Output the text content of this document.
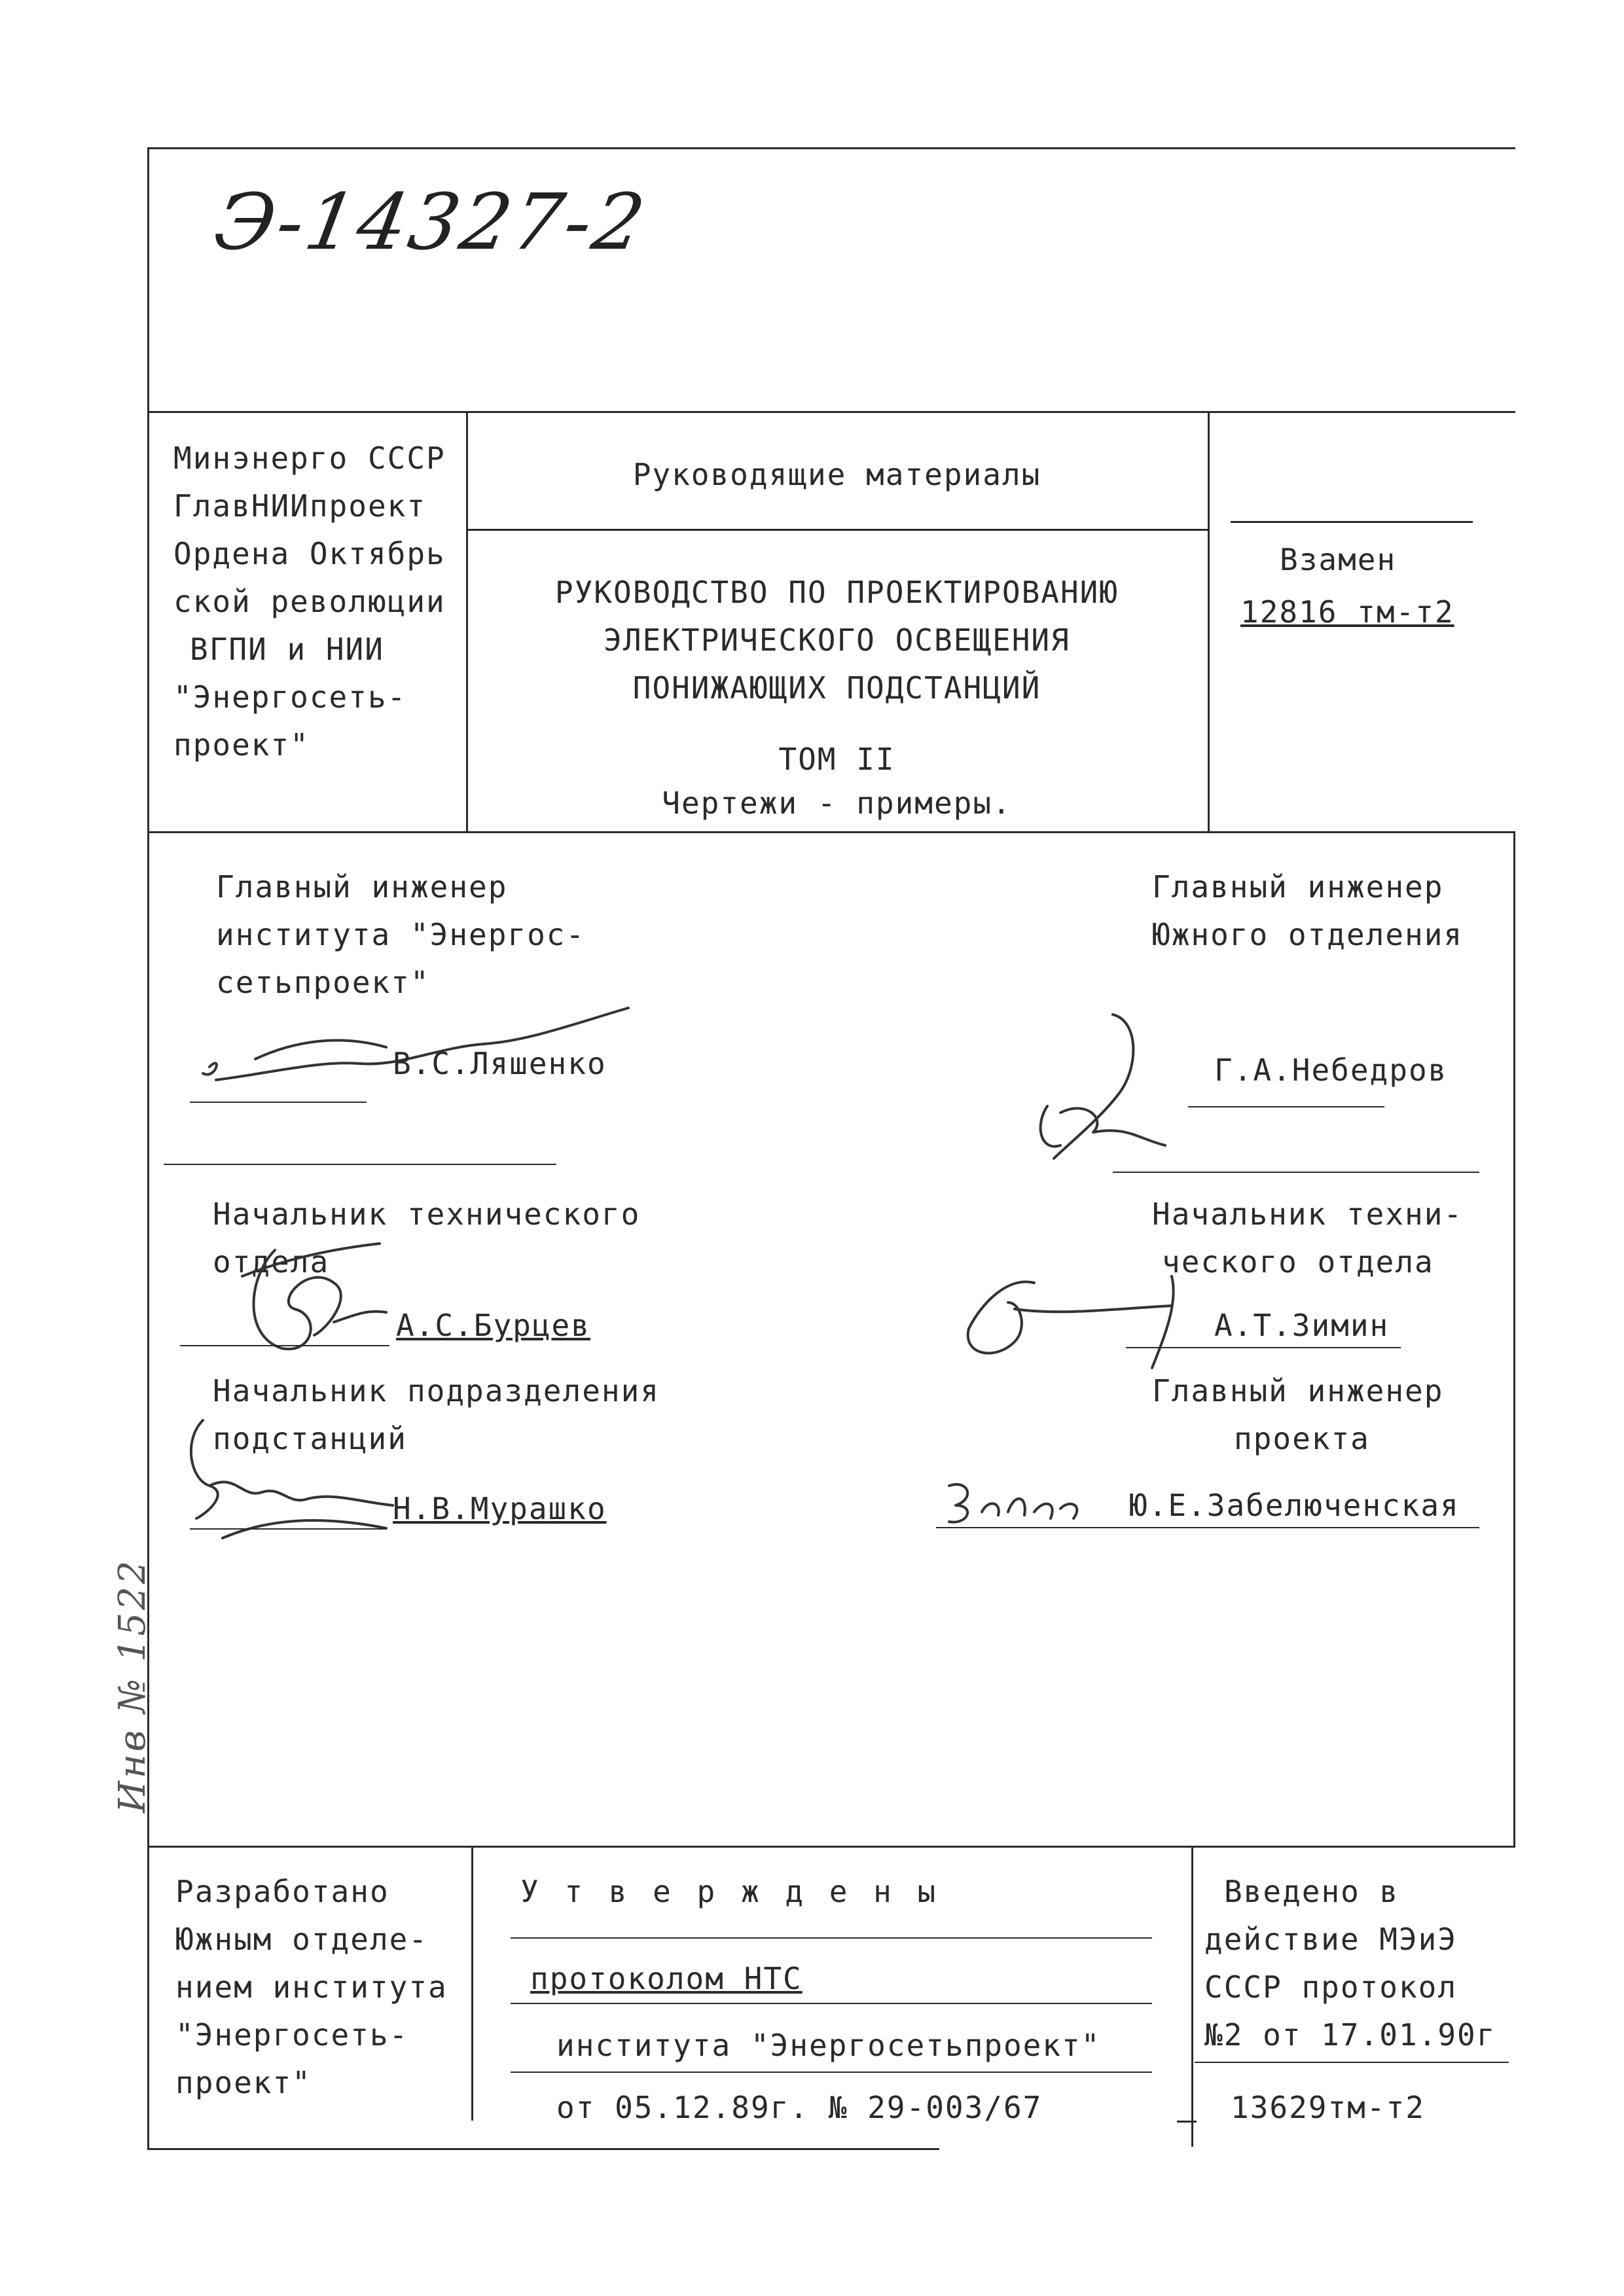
Э-14327-2
Минэнерго СССР
ГлавНИИпроект
Ордена Октябрь
ской революции
ВГПИ и НИИ
"Энергосеть-
проект"
Руководящие материалы
РУКОВОДСТВО ПО ПРОЕКТИРОВАНИЮ
ЭЛЕКТРИЧЕСКОГО ОСВЕЩЕНИЯ
ПОНИЖАЮЩИХ ПОДСТАНЦИЙ
ТОМ II
Чертежи - примеры.
Взамен
12816 тм-т2
Главный инженер
института "Энергос-
сетьпроект"
В.С.Ляшенко
Начальник технического
отдела
А.С.Бурцев
Начальник подразделения
подстанций
Н.В.Мурашко
Главный инженер
Южного отделения
Г.А.Небедров
Начальник техни-
ческого отдела
А.Т.Зимин
Главный инженер
проекта
Ю.Е.Забелюченская
Инв № 1522
Разработано
Южным отделе-
нием института
"Энергосеть-
проект"
У т в е р ж д е н ы
протоколом НТС
института "Энергосетьпроект"
от 05.12.89г. № 29-003/67
Введено в
действие МЭиЭ
СССР протокол
№2 от 17.01.90г
13629тм-т2
